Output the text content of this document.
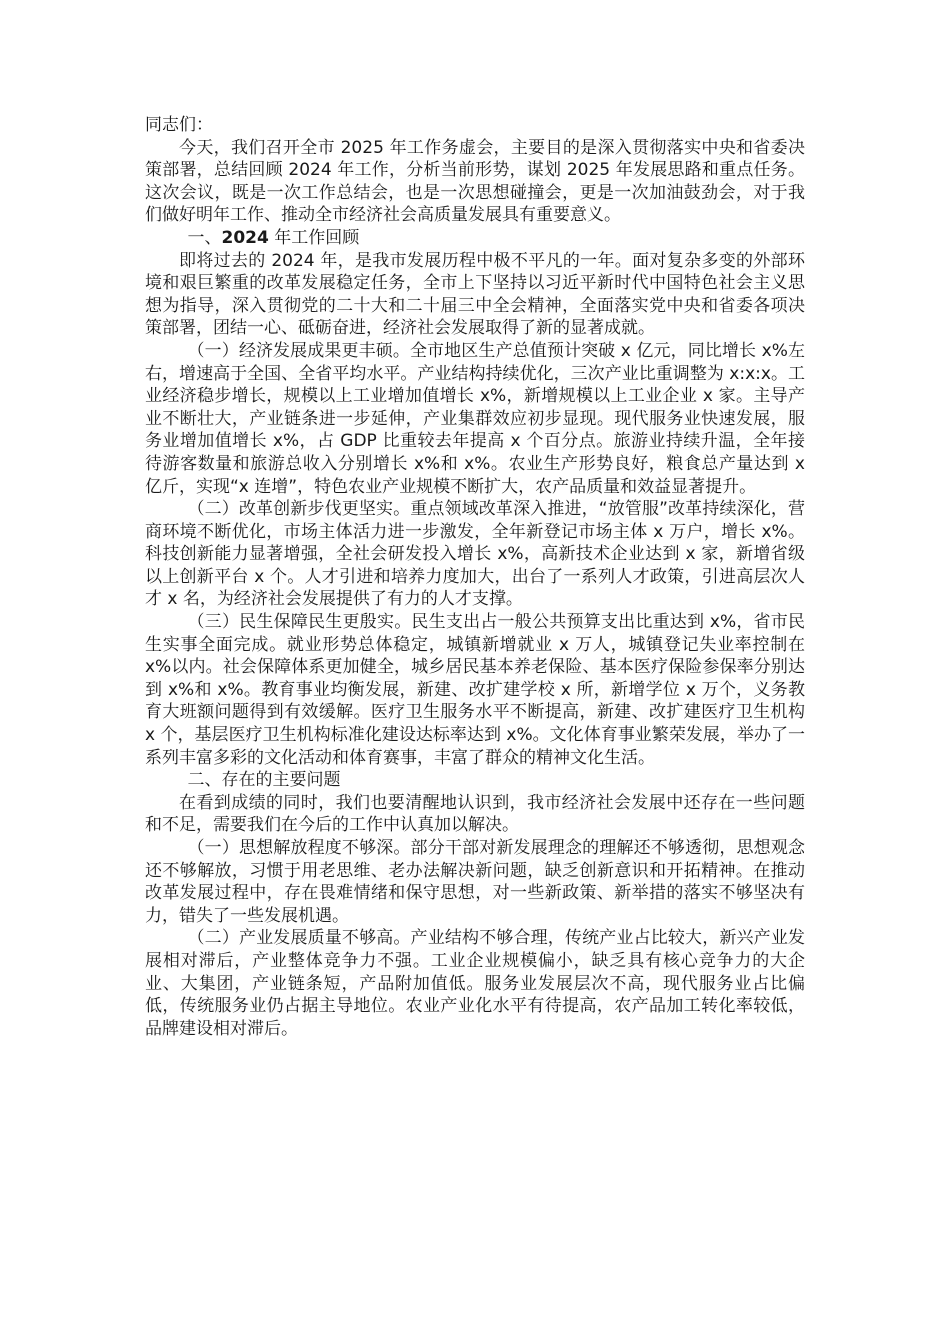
同志们：

今天，我们召开全市 2025 年工作务虚会，主要目的是深入贯彻落实中央和省委决策部署，总结回顾 2024 年工作，分析当前形势，谋划 2025 年发展思路和重点任务。这次会议，既是一次工作总结会，也是一次思想碰撞会，更是一次加油鼓劲会，对于我们做好明年工作、推动全市经济社会高质量发展具有重要意义。

一、2024 年工作回顾

即将过去的 2024 年，是我市发展历程中极不平凡的一年。面对复杂多变的外部环境和艰巨繁重的改革发展稳定任务，全市上下坚持以习近平新时代中国特色社会主义思想为指导，深入贯彻党的二十大和二十届三中全会精神，全面落实党中央和省委各项决策部署，团结一心、砥砺奋进，经济社会发展取得了新的显著成就。

（一）经济发展成果更丰硕。全市地区生产总值预计突破 x 亿元，同比增长 x%左右，增速高于全国、全省平均水平。产业结构持续优化，三次产业比重调整为 x:x:x。工业经济稳步增长，规模以上工业增加值增长 x%，新增规模以上工业企业 x 家。主导产业不断壮大，产业链条进一步延伸，产业集群效应初步显现。现代服务业快速发展，服务业增加值增长 x%，占 GDP 比重较去年提高 x 个百分点。旅游业持续升温，全年接待游客数量和旅游总收入分别增长 x%和 x%。农业生产形势良好，粮食总产量达到 x 亿斤，实现“x 连增”，特色农业产业规模不断扩大，农产品质量和效益显著提升。

（二）改革创新步伐更坚实。重点领域改革深入推进，“放管服”改革持续深化，营商环境不断优化，市场主体活力进一步激发，全年新登记市场主体 x 万户，增长 x%。科技创新能力显著增强，全社会研发投入增长 x%，高新技术企业达到 x 家，新增省级以上创新平台 x 个。人才引进和培养力度加大，出台了一系列人才政策，引进高层次人才 x 名，为经济社会发展提供了有力的人才支撑。

（三）民生保障民生更殷实。民生支出占一般公共预算支出比重达到 x%，省市民生实事全面完成。就业形势总体稳定，城镇新增就业 x 万人，城镇登记失业率控制在 x%以内。社会保障体系更加健全，城乡居民基本养老保险、基本医疗保险参保率分别达到 x%和 x%。教育事业均衡发展，新建、改扩建学校 x 所，新增学位 x 万个，义务教育大班额问题得到有效缓解。医疗卫生服务水平不断提高，新建、改扩建医疗卫生机构 x 个，基层医疗卫生机构标准化建设达标率达到 x%。文化体育事业繁荣发展，举办了一系列丰富多彩的文化活动和体育赛事，丰富了群众的精神文化生活。

二、存在的主要问题

在看到成绩的同时，我们也要清醒地认识到，我市经济社会发展中还存在一些问题和不足，需要我们在今后的工作中认真加以解决。

（一）思想解放程度不够深。部分干部对新发展理念的理解还不够透彻，思想观念还不够解放，习惯于用老思维、老办法解决新问题，缺乏创新意识和开拓精神。在推动改革发展过程中，存在畏难情绪和保守思想，对一些新政策、新举措的落实不够坚决有力，错失了一些发展机遇。

（二）产业发展质量不够高。产业结构不够合理，传统产业占比较大，新兴产业发展相对滞后，产业整体竞争力不强。工业企业规模偏小，缺乏具有核心竞争力的大企业、大集团，产业链条短，产品附加值低。服务业发展层次不高，现代服务业占比偏低，传统服务业仍占据主导地位。农业产业化水平有待提高，农产品加工转化率较低，品牌建设相对滞后。
